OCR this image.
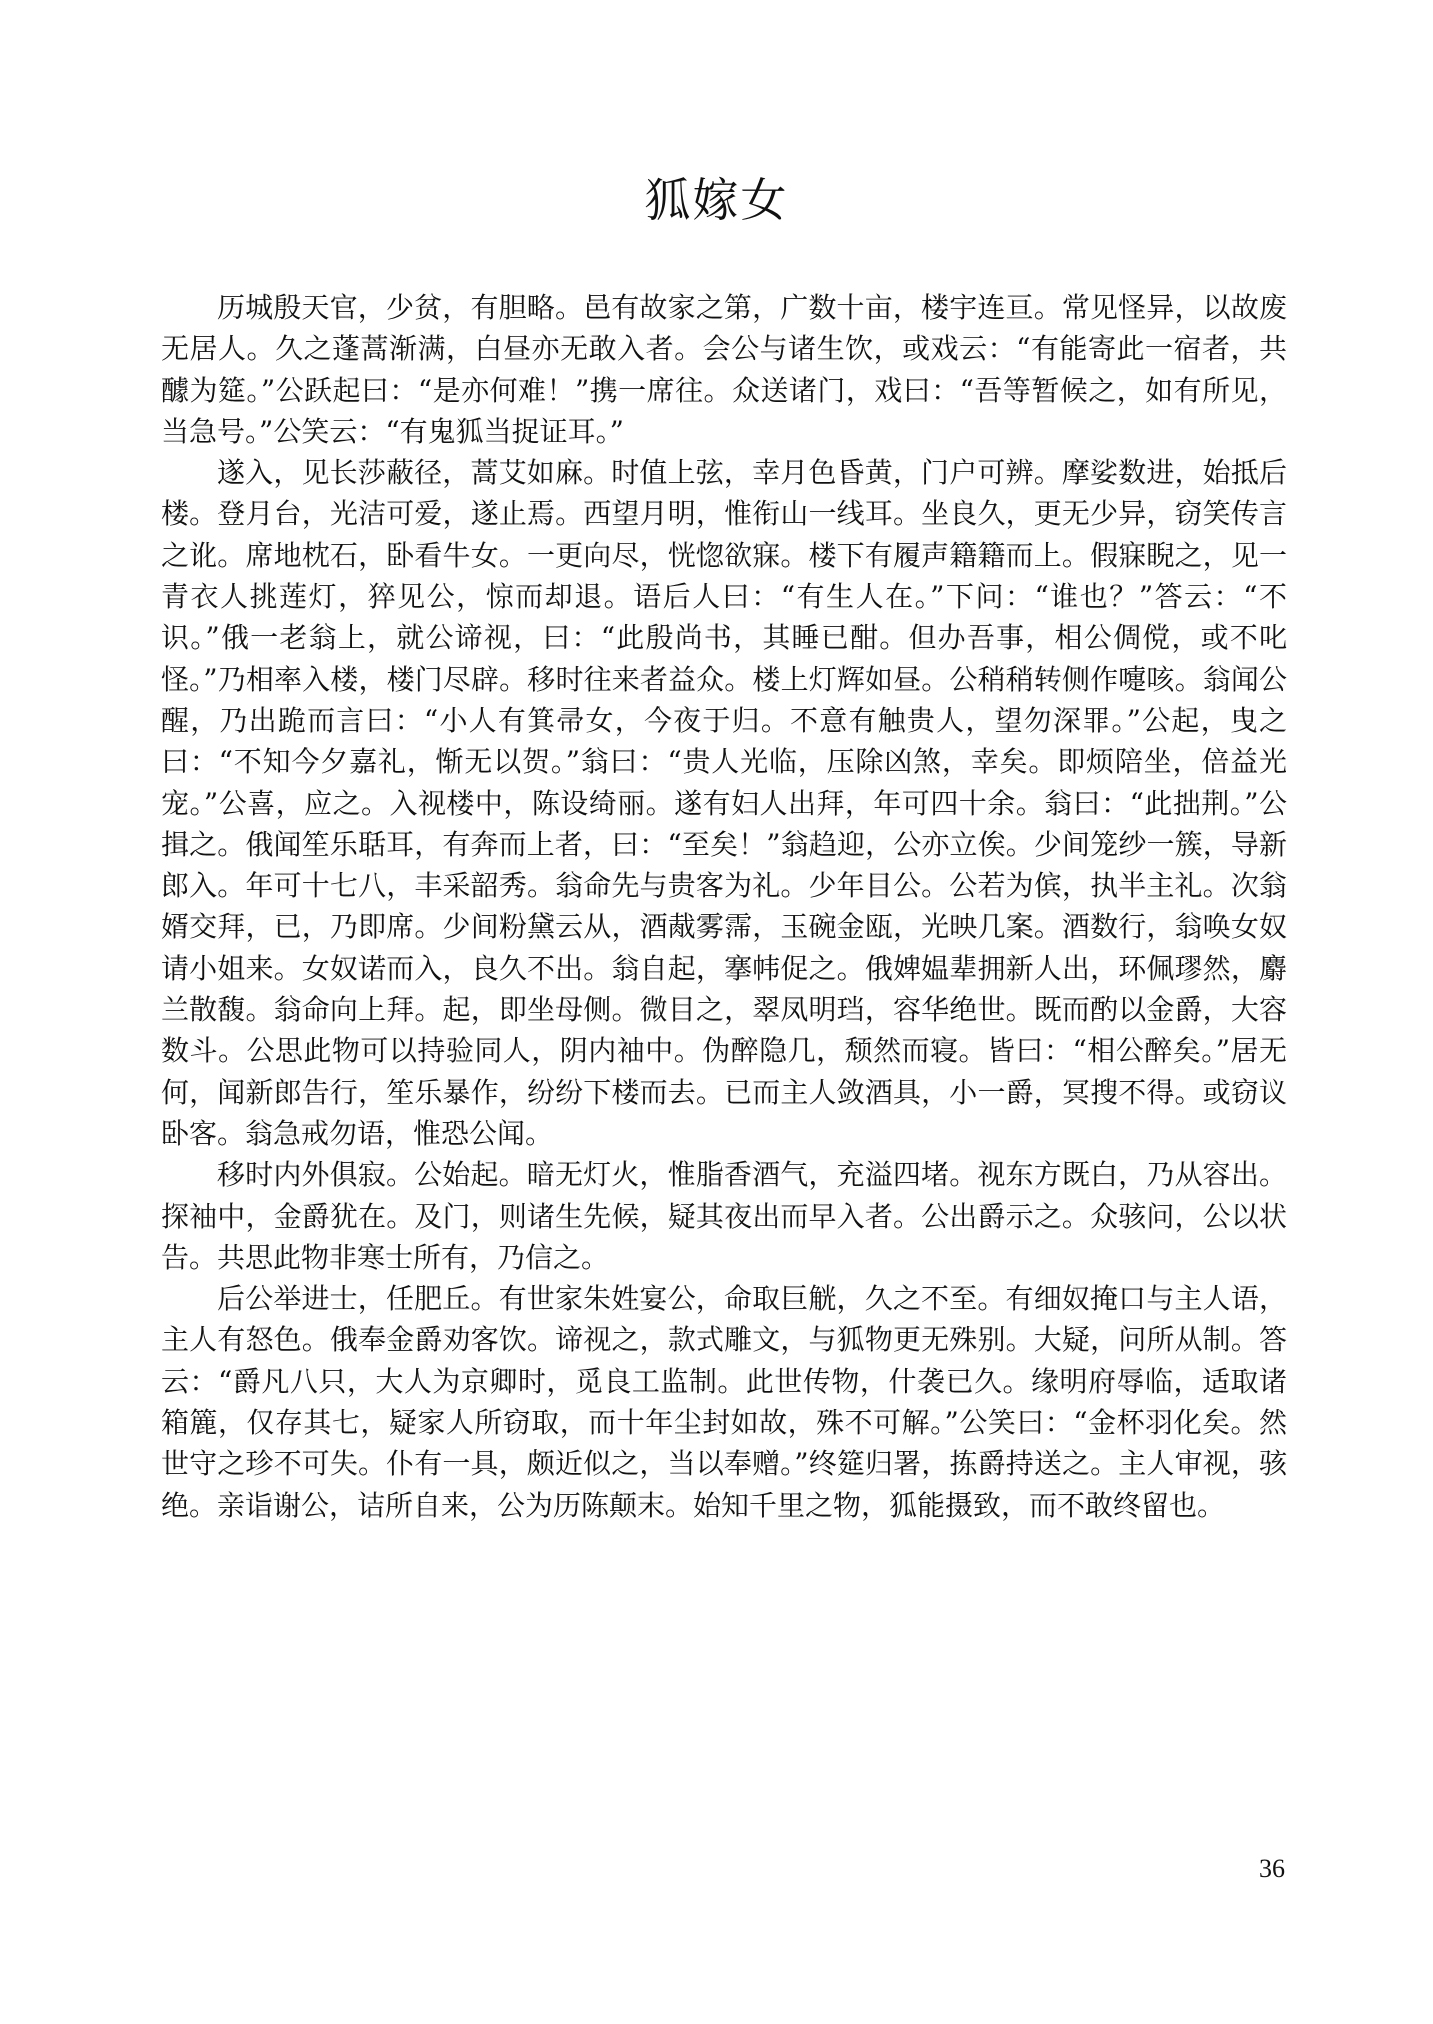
狐嫁女

历城殷天官，少贫，有胆略。邑有故家之第，广数十亩，楼宇连亘。常见怪异，以故废无居人。久之蓬蒿渐满，白昼亦无敢入者。会公与诸生饮，或戏云：“有能寄此一宿者，共醵为筵。”公跃起曰：“是亦何难！”携一席往。众送诸门，戏曰：“吾等暂候之，如有所见，当急号。”公笑云：“有鬼狐当捉证耳。”

遂入，见长莎蔽径，蒿艾如麻。时值上弦，幸月色昏黄，门户可辨。摩娑数进，始抵后楼。登月台，光洁可爱，遂止焉。西望月明，惟衔山一线耳。坐良久，更无少异，窃笑传言之讹。席地枕石，卧看牛女。一更向尽，恍惚欲寐。楼下有履声籍籍而上。假寐睨之，见一青衣人挑莲灯，猝见公，惊而却退。语后人曰：“有生人在。”下问：“谁也？”答云：“不识。”俄一老翁上，就公谛视，曰：“此殷尚书，其睡已酣。但办吾事，相公倜傥，或不叱怪。”乃相率入楼，楼门尽辟。移时往来者益众。楼上灯辉如昼。公稍稍转侧作嚏咳。翁闻公醒，乃出跪而言曰：“小人有箕帚女，今夜于归。不意有触贵人，望勿深罪。”公起，曳之曰：“不知今夕嘉礼，惭无以贺。”翁曰：“贵人光临，压除凶煞，幸矣。即烦陪坐，倍益光宠。”公喜，应之。入视楼中，陈设绮丽。遂有妇人出拜，年可四十余。翁曰：“此拙荆。”公揖之。俄闻笙乐聒耳，有奔而上者，曰：“至矣！”翁趋迎，公亦立俟。少间笼纱一簇，导新郎入。年可十七八，丰采韶秀。翁命先与贵客为礼。少年目公。公若为傧，执半主礼。次翁婿交拜，已，乃即席。少间粉黛云从，酒胾雾霈，玉碗金瓯，光映几案。酒数行，翁唤女奴请小姐来。女奴诺而入，良久不出。翁自起，搴帏促之。俄婢媪辈拥新人出，环佩璆然，麝兰散馥。翁命向上拜。起，即坐母侧。微目之，翠凤明珰，容华绝世。既而酌以金爵，大容数斗。公思此物可以持验同人，阴内袖中。伪醉隐几，颓然而寝。皆曰：“相公醉矣。”居无何，闻新郎告行，笙乐暴作，纷纷下楼而去。已而主人敛酒具，小一爵，冥搜不得。或窃议卧客。翁急戒勿语，惟恐公闻。

移时内外俱寂。公始起。暗无灯火，惟脂香酒气，充溢四堵。视东方既白，乃从容出。探袖中，金爵犹在。及门，则诸生先候，疑其夜出而早入者。公出爵示之。众骇问，公以状告。共思此物非寒士所有，乃信之。

后公举进士，任肥丘。有世家朱姓宴公，命取巨觥，久之不至。有细奴掩口与主人语，主人有怒色。俄奉金爵劝客饮。谛视之，款式雕文，与狐物更无殊别。大疑，问所从制。答云：“爵凡八只，大人为京卿时，觅良工监制。此世传物，什袭已久。缘明府辱临，适取诸箱簏，仅存其七，疑家人所窃取，而十年尘封如故，殊不可解。”公笑曰：“金杯羽化矣。然世守之珍不可失。仆有一具，颇近似之，当以奉赠。”终筵归署，拣爵持送之。主人审视，骇绝。亲诣谢公，诘所自来，公为历陈颠末。始知千里之物，狐能摄致，而不敢终留也。

36
